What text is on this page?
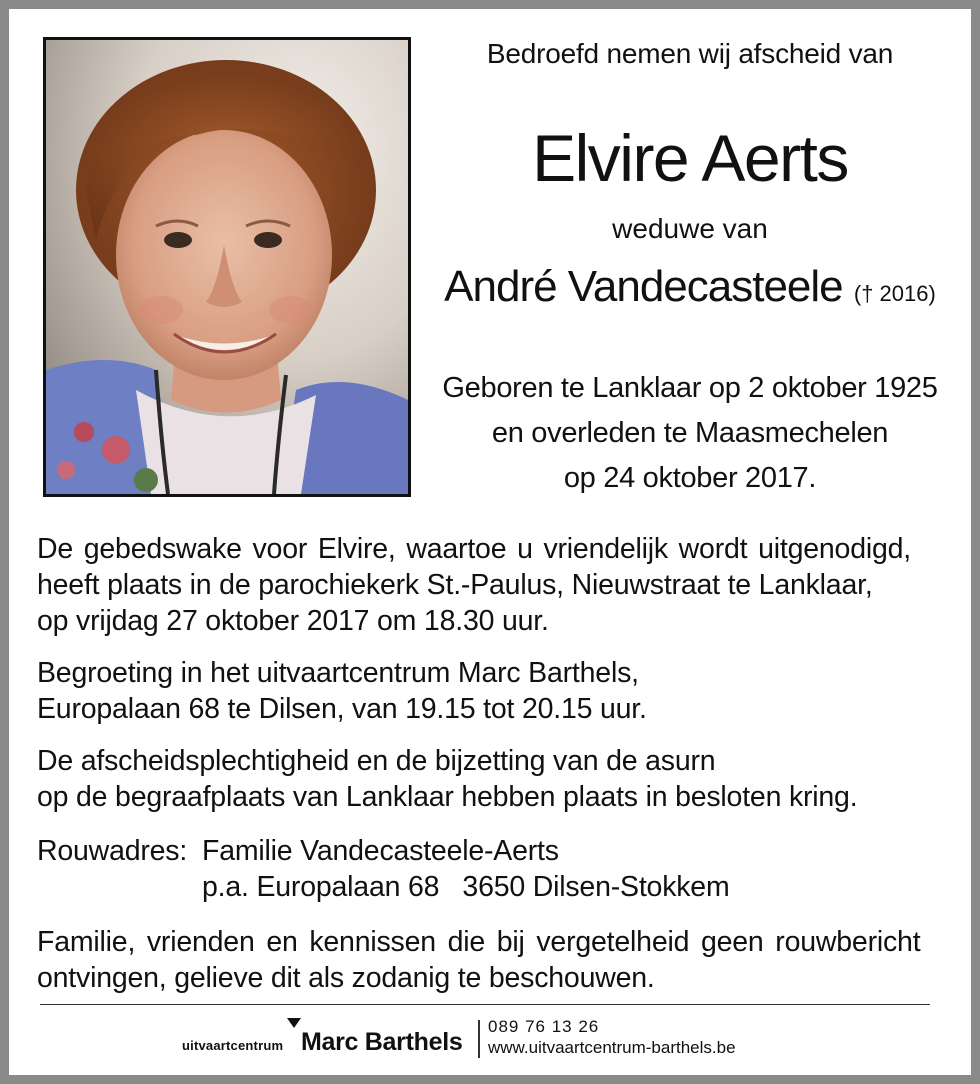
Bedroefd nemen wij afscheid van
Elvire Aerts
weduwe van
André Vandecasteele († 2016)
Geboren te Lanklaar op 2 oktober 1925
en overleden te Maasmechelen
op 24 oktober 2017.
De gebedswake voor Elvire, waartoe u vriendelijk wordt uitgenodigd,
heeft plaats in de parochiekerk St.-Paulus, Nieuwstraat te Lanklaar,
op vrijdag 27 oktober 2017 om 18.30 uur.
Begroeting in het uitvaartcentrum Marc Barthels,
Europalaan 68 te Dilsen, van 19.15 tot 20.15 uur.
De afscheidsplechtigheid en de bijzetting van de asurn
op de begraafplaats van Lanklaar hebben plaats in besloten kring.
Rouwadres: Familie Vandecasteele-Aerts
p.a. Europalaan 68   3650 Dilsen-Stokkem
Familie, vrienden en kennissen die bij vergetelheid geen rouwbericht
ontvingen, gelieve dit als zodanig te beschouwen.
uitvaartcentrum Marc Barthels
089 76 13 26
www.uitvaartcentrum-barthels.be
